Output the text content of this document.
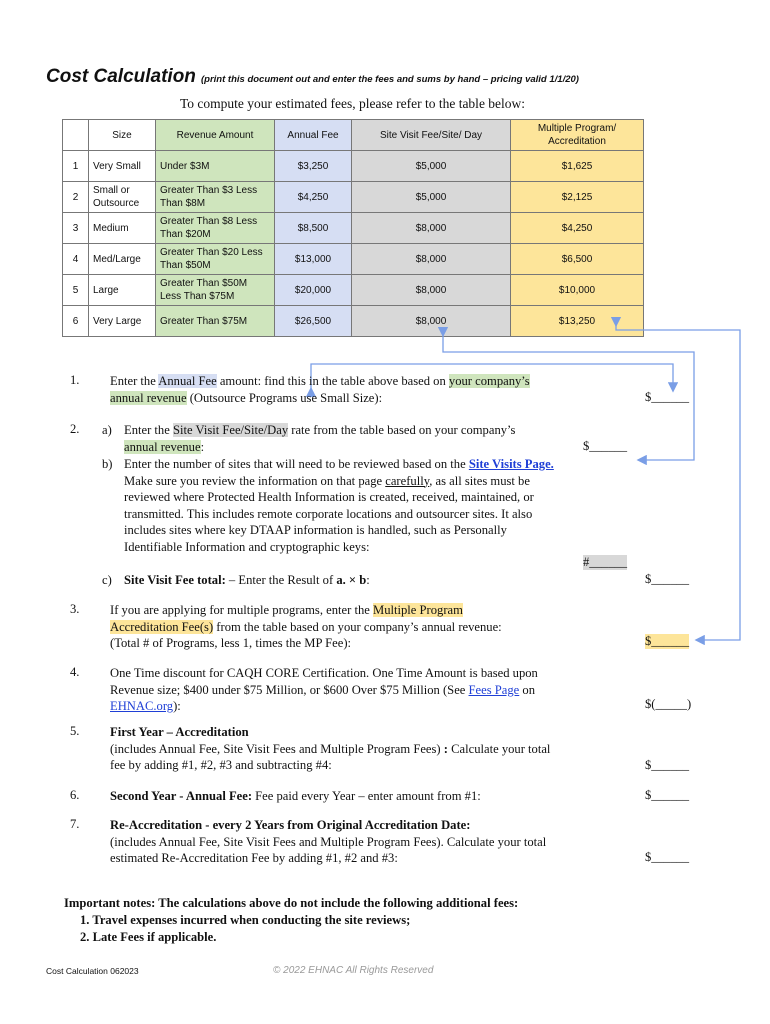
Cost Calculation (print this document out and enter the fees and sums by hand – pricing valid 1/1/20)
To compute your estimated fees, please refer to the table below:
	Size	Revenue Amount	Annual Fee	Site Visit Fee/Site/ Day	Multiple Program/ Accreditation
1	Very Small	Under $3M	$3,250	$5,000	$1,625
2	Small or Outsource	Greater Than $3 Less Than $8M	$4,250	$5,000	$2,125
3	Medium	Greater Than $8 Less Than $20M	$8,500	$8,000	$4,250
4	Med/Large	Greater Than $20 Less Than $50M	$13,000	$8,000	$6,500
5	Large	Greater Than $50M Less Than $75M	$20,000	$8,000	$10,000
6	Very Large	Greater Than $75M	$26,500	$8,000	$13,250
1. Enter the Annual Fee amount: find this in the table above based on your company’s annual revenue (Outsource Programs use Small Size):	$______
2. a) Enter the Site Visit Fee/Site/Day rate from the table based on your company’s annual revenue:	$______
b) Enter the number of sites that will need to be reviewed based on the Site Visits Page. Make sure you review the information on that page carefully, as all sites must be reviewed where Protected Health Information is created, received, maintained, or transmitted. This includes remote corporate locations and outsourcer sites. It also includes sites where key DTAAP information is handled, such as Personally Identifiable Information and cryptographic keys:
#______
c) Site Visit Fee total: – Enter the Result of a. × b:	$______
3. If you are applying for multiple programs, enter the Multiple Program Accreditation Fee(s) from the table based on your company’s annual revenue: (Total # of Programs, less 1, times the MP Fee):	$______
4. One Time discount for CAQH CORE Certification. One Time Amount is based upon Revenue size; $400 under $75 Million, or $600 Over $75 Million (See Fees Page on EHNAC.org):	$(_____)
5. First Year – Accreditation
(includes Annual Fee, Site Visit Fees and Multiple Program Fees) : Calculate your total fee by adding #1, #2, #3 and subtracting #4:	$______
6. Second Year - Annual Fee: Fee paid every Year – enter amount from #1:	$______
7. Re-Accreditation - every 2 Years from Original Accreditation Date:
(includes Annual Fee, Site Visit Fees and Multiple Program Fees). Calculate your total estimated Re-Accreditation Fee by adding #1, #2 and #3:	$______
Important notes: The calculations above do not include the following additional fees:
1. Travel expenses incurred when conducting the site reviews;
2. Late Fees if applicable.
Cost Calculation 062023	© 2022 EHNAC All Rights Reserved
